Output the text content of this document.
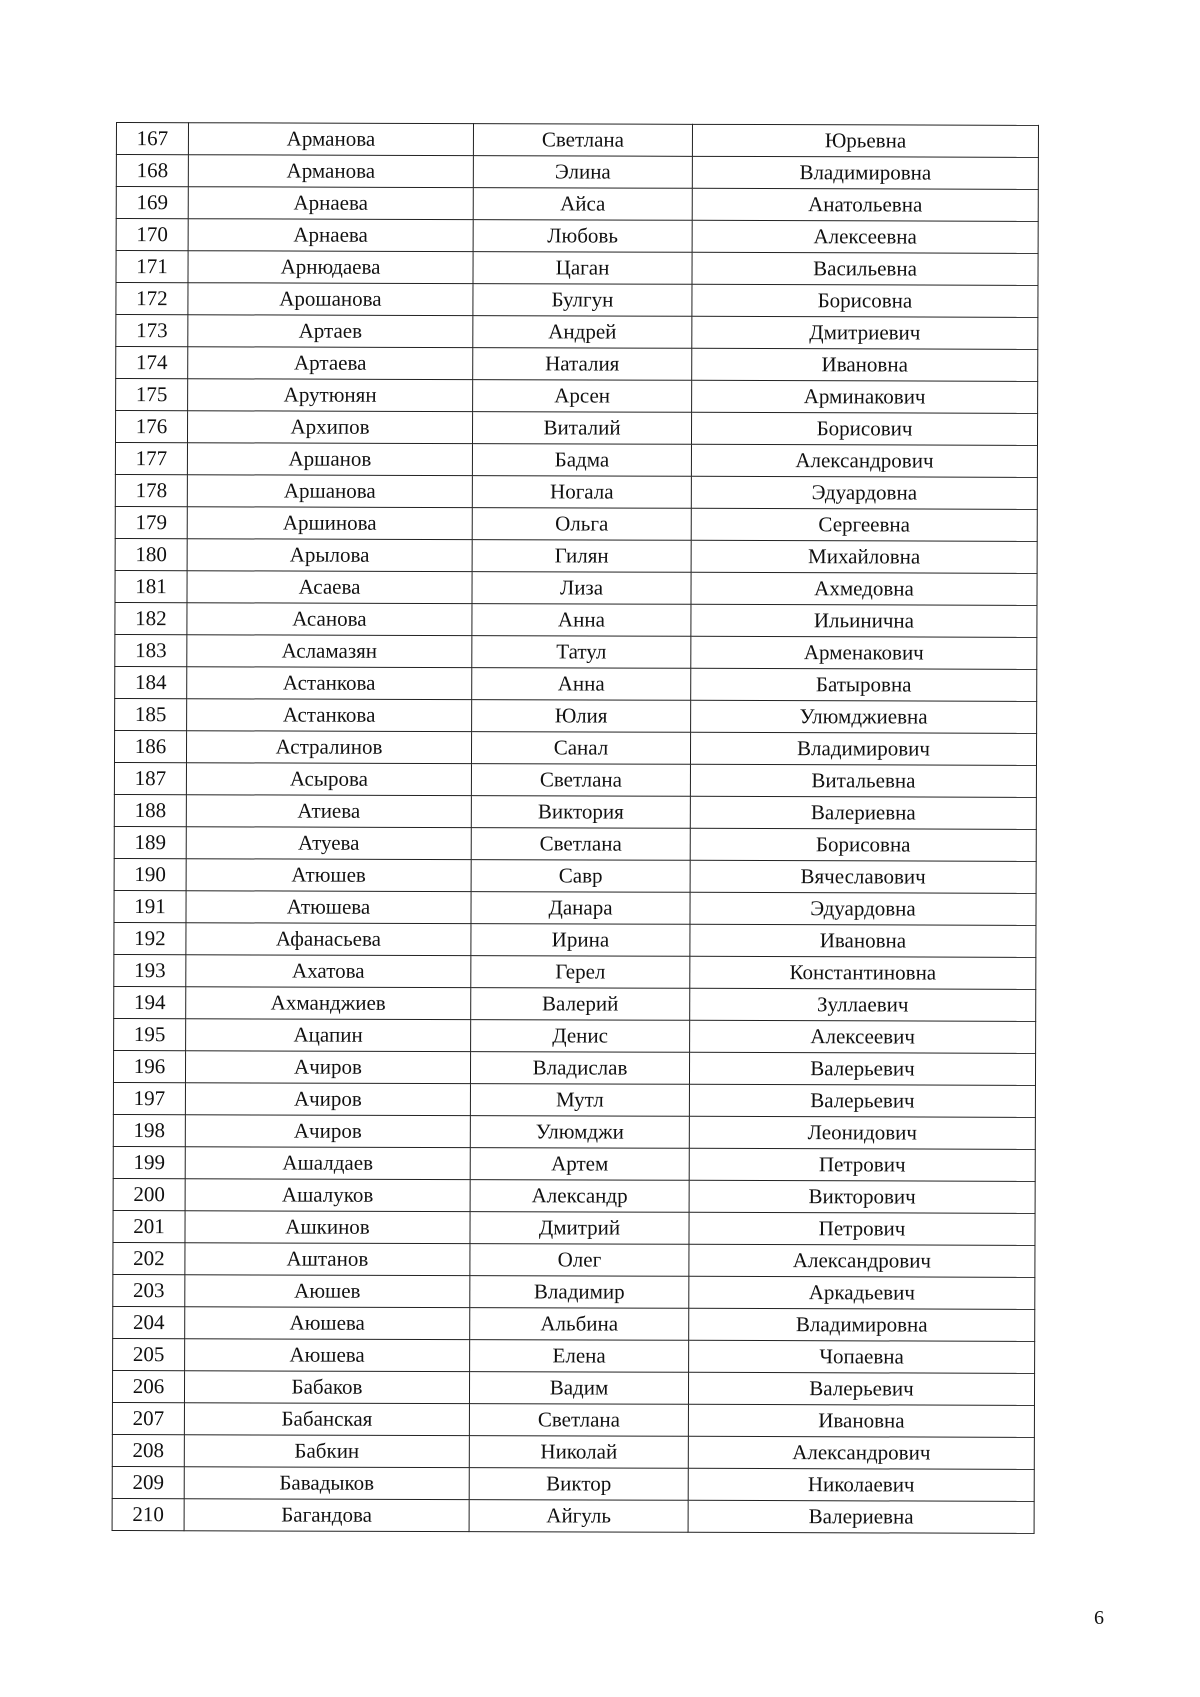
167	Арманова	Светлана	Юрьевна
168	Арманова	Элина	Владимировна
169	Арнаева	Айса	Анатольевна
170	Арнаева	Любовь	Алексеевна
171	Арнюдаева	Цаган	Васильевна
172	Арошанова	Булгун	Борисовна
173	Артаев	Андрей	Дмитриевич
174	Артаева	Наталия	Ивановна
175	Арутюнян	Арсен	Арминакович
176	Архипов	Виталий	Борисович
177	Аршанов	Бадма	Александрович
178	Аршанова	Ногала	Эдуардовна
179	Аршинова	Ольга	Сергеевна
180	Арылова	Гилян	Михайловна
181	Асаева	Лиза	Ахмедовна
182	Асанова	Анна	Ильинична
183	Асламазян	Татул	Арменакович
184	Астанкова	Анна	Батыровна
185	Астанкова	Юлия	Улюмджиевна
186	Астралинов	Санал	Владимирович
187	Асырова	Светлана	Витальевна
188	Атиева	Виктория	Валериевна
189	Атуева	Светлана	Борисовна
190	Атюшев	Савр	Вячеславович
191	Атюшева	Данара	Эдуардовна
192	Афанасьева	Ирина	Ивановна
193	Ахатова	Герел	Константиновна
194	Ахманджиев	Валерий	Зуллаевич
195	Ацапин	Денис	Алексеевич
196	Ачиров	Владислав	Валерьевич
197	Ачиров	Мутл	Валерьевич
198	Ачиров	Улюмджи	Леонидович
199	Ашалдаев	Артем	Петрович
200	Ашалуков	Александр	Викторович
201	Ашкинов	Дмитрий	Петрович
202	Аштанов	Олег	Александрович
203	Аюшев	Владимир	Аркадьевич
204	Аюшева	Альбина	Владимировна
205	Аюшева	Елена	Чопаевна
206	Бабаков	Вадим	Валерьевич
207	Бабанская	Светлана	Ивановна
208	Бабкин	Николай	Александрович
209	Бавадыков	Виктор	Николаевич
210	Багандова	Айгуль	Валериевна
6
